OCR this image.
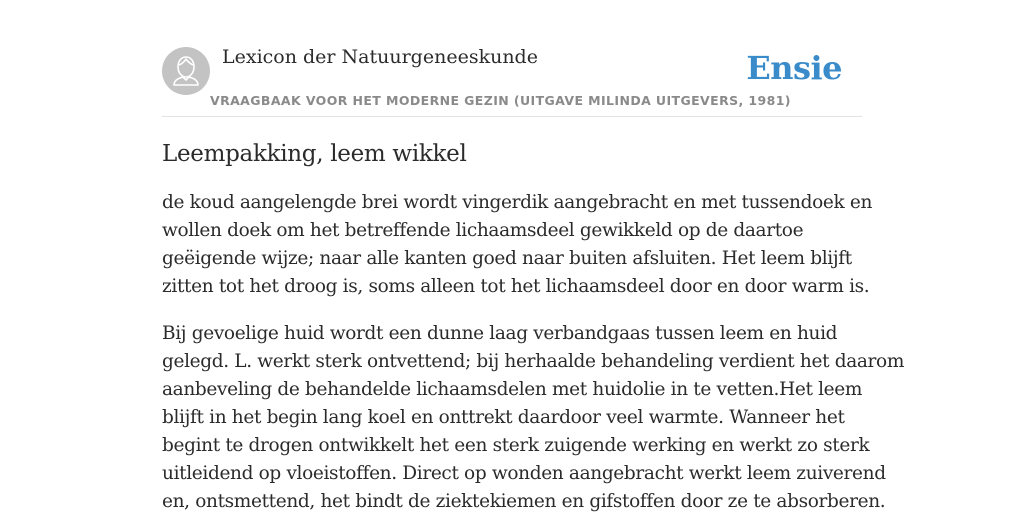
Lexicon der Natuurgeneeskunde
VRAAGBAAK VOOR HET MODERNE GEZIN (UITGAVE MILINDA UITGEVERS, 1981)
Ensie
Leempakking, leem wikkel

de koud aangelengde brei wordt vingerdik aangebracht en met tussendoek en
wollen doek om het betreffende lichaamsdeel gewikkeld op de daartoe
geëigende wijze; naar alle kanten goed naar buiten afsluiten. Het leem blijft
zitten tot het droog is, soms alleen tot het lichaamsdeel door en door warm is.

Bij gevoelige huid wordt een dunne laag verbandgaas tussen leem en huid
gelegd. L. werkt sterk ontvettend; bij herhaalde behandeling verdient het daarom
aanbeveling de behandelde lichaamsdelen met huidolie in te vetten.Het leem
blijft in het begin lang koel en onttrekt daardoor veel warmte. Wanneer het
begint te drogen ontwikkelt het een sterk zuigende werking en werkt zo sterk
uitleidend op vloeistoffen. Direct op wonden aangebracht werkt leem zuiverend
en, ontsmettend, het bindt de ziektekiemen en gifstoffen door ze te absorberen.
